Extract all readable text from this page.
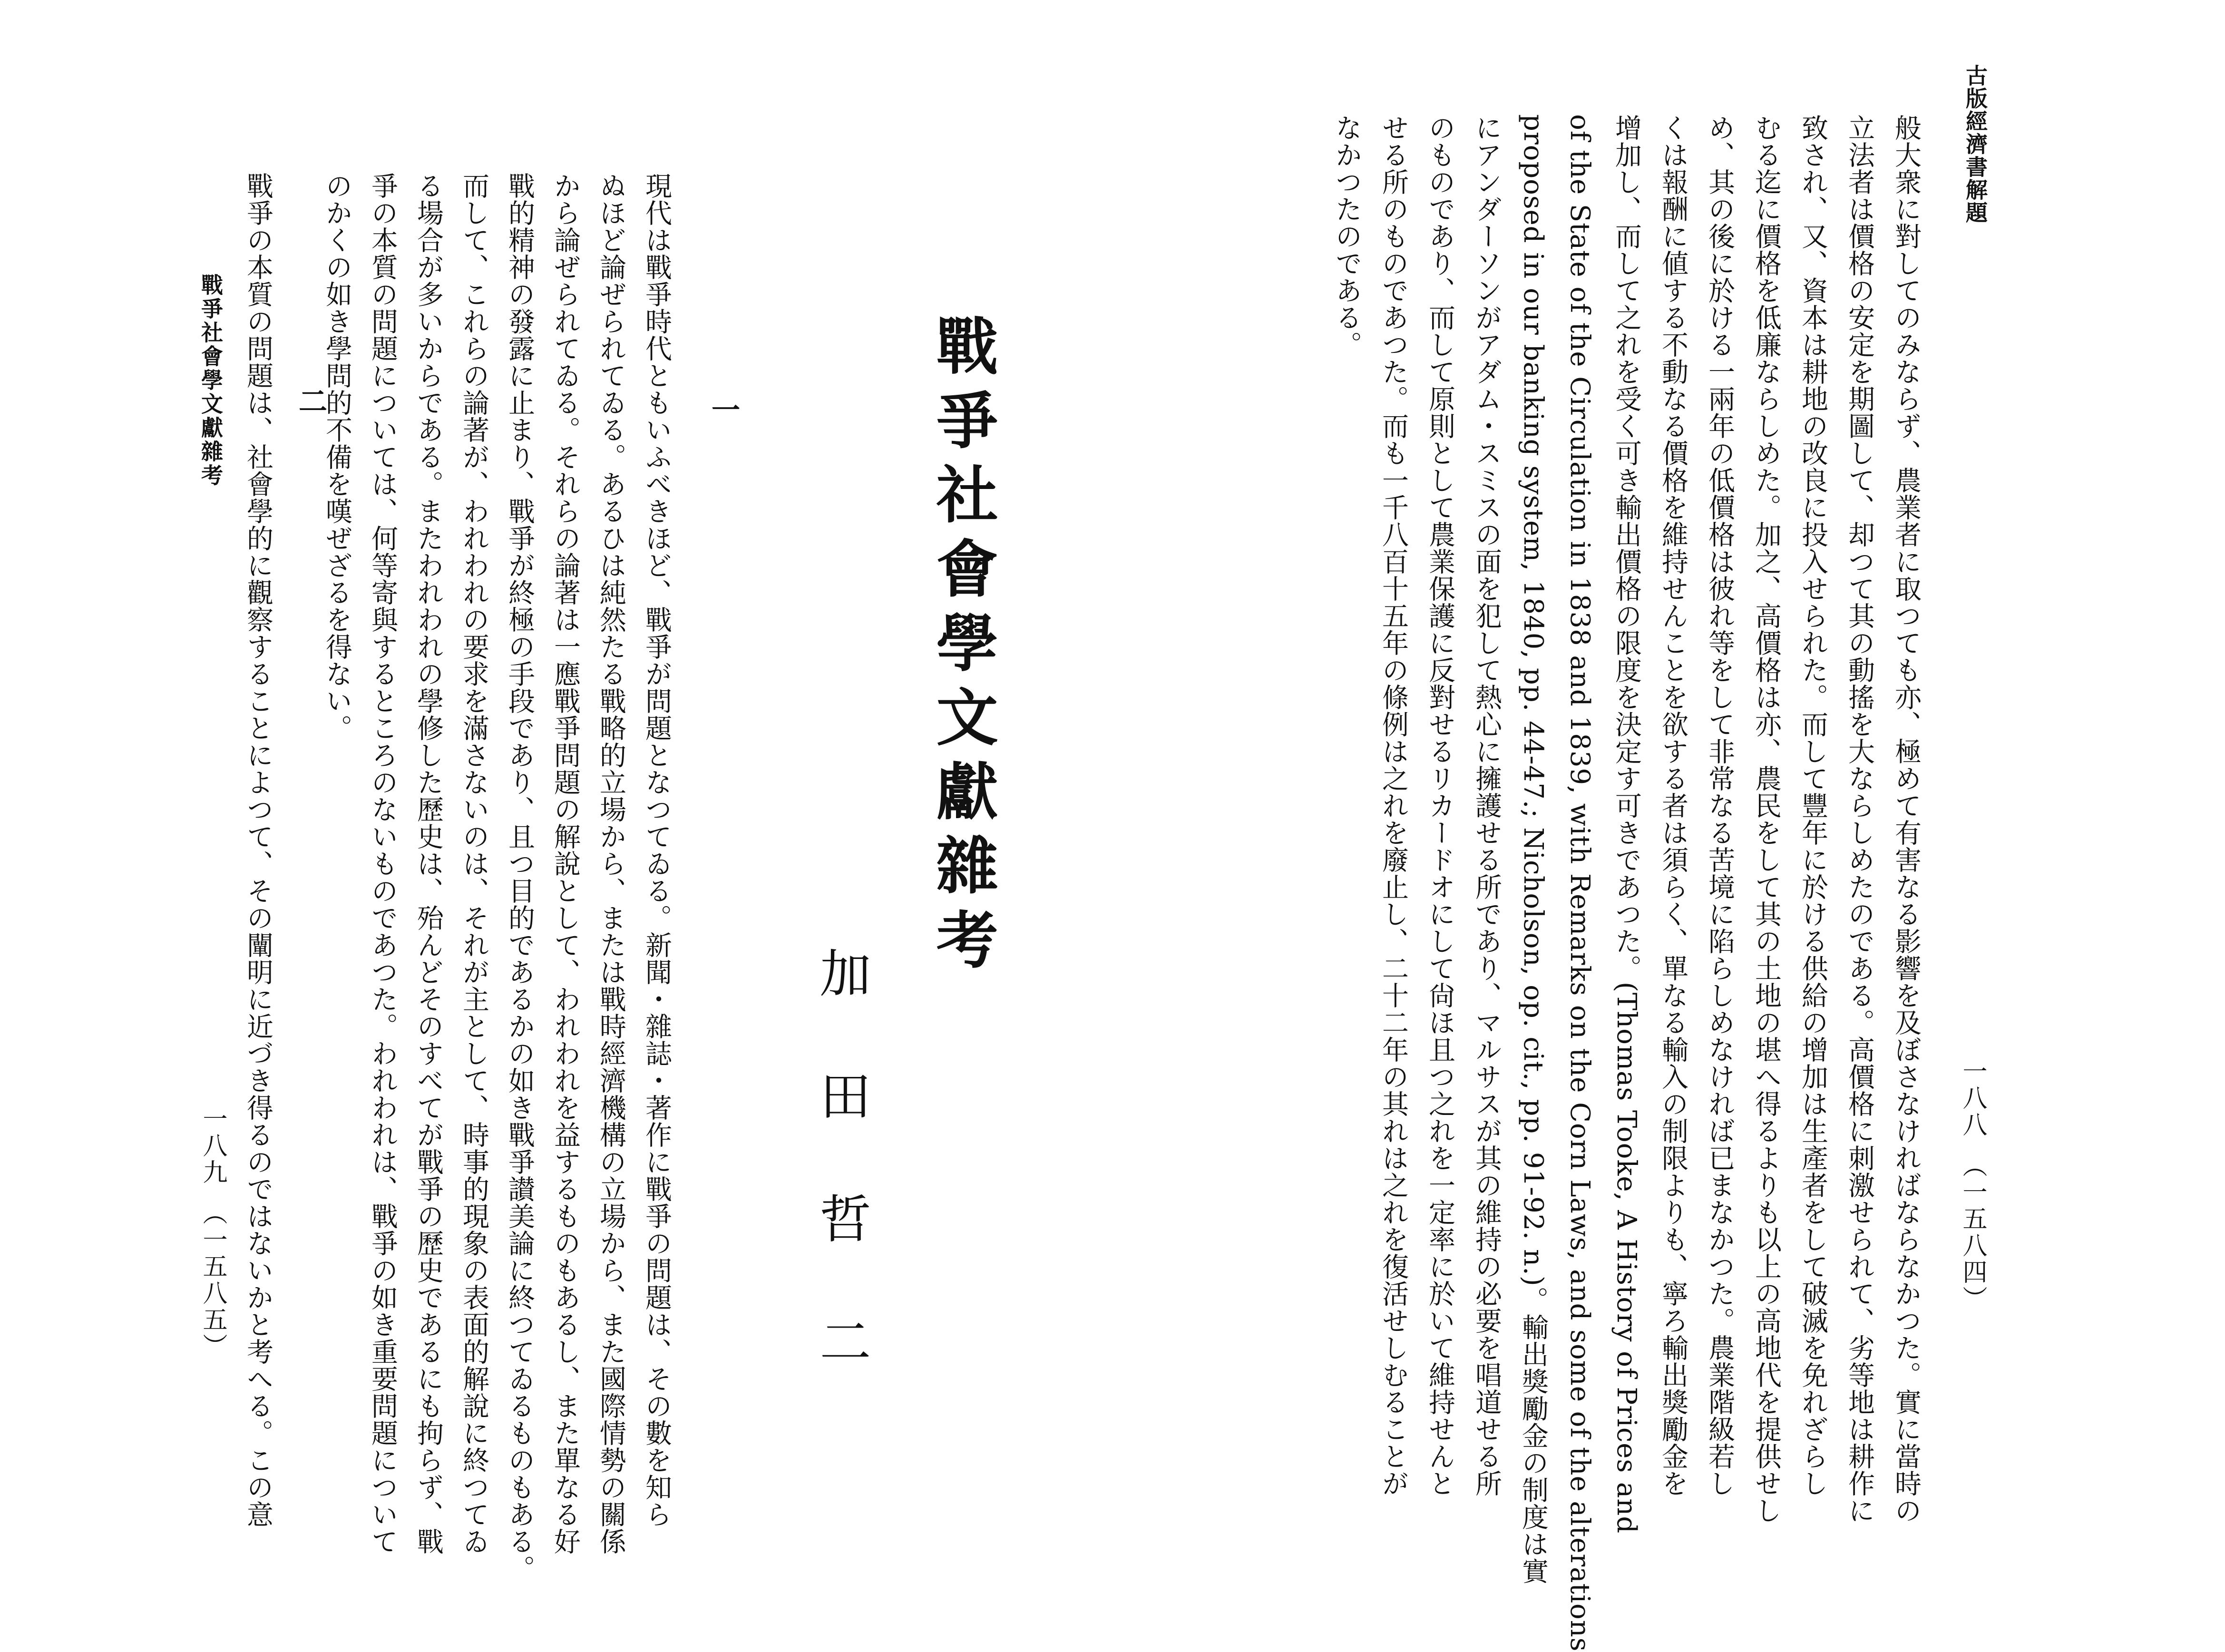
古版經濟書解題
一八八　（一五八四）
般大衆に對してのみならず、農業者に取つても亦、極めて有害なる影響を及ぼさなければならなかつた。實に當時の
立法者は價格の安定を期圖して、却つて其の動搖を大ならしめたのである。高價格に刺激せられて、劣等地は耕作に
致され、又、資本は耕地の改良に投入せられた。而して豐年に於ける供給の增加は生產者をして破滅を免れざらし
むる迄に價格を低廉ならしめた。加之、高價格は亦、農民をして其の土地の堪へ得るよりも以上の高地代を提供せし
め、其の後に於ける一兩年の低價格は彼れ等をして非常なる苦境に陷らしめなければ已まなかつた。農業階級若し
くは報酬に値する不動なる價格を維持せんことを欲する者は須らく、單なる輸入の制限よりも、寧ろ輸出獎勵金を
增加し、而して之れを受く可き輸出價格の限度を決定す可きであつた。(Thomas Tooke, A History of Prices and
of the State of the Circulation in 1838 and 1839, with Remarks on the Corn Laws, and some of the alterations
proposed in our banking system, 1840, pp. 44-47.; Nicholson, op. cit., pp. 91-92. n.)。輸出獎勵金の制度は實
にアンダーソンがアダム・スミスの面を犯して熱心に擁護せる所であり、マルサスが其の維持の必要を唱道せる所
のものであり、而して原則として農業保護に反對せるリカードオにして尙ほ且つ之れを一定率に於いて維持せんと
せる所のものであつた。而も一千八百十五年の條例は之れを廢止し、二十二年の其れは之れを復活せしむることが
なかつたのである。
戰爭社會學文獻雜考
加田哲二
一
現代は戰爭時代ともいふべきほど、戰爭が問題となつてゐる。新聞・雜誌・著作に戰爭の問題は、その數を知ら
ぬほど論ぜられてゐる。あるひは純然たる戰略的立場から、または戰時經濟機構の立場から、また國際情勢の關係
から論ぜられてゐる。それらの論著は一應戰爭問題の解說として、われわれを益するものもあるし、また單なる好
戰的精神の發露に止まり、戰爭が終極の手段であり、且つ目的であるかの如き戰爭讃美論に終つてゐるものもある。
而して、これらの論著が、われわれの要求を滿さないのは、それが主として、時事的現象の表面的解說に終つてゐ
る場合が多いからである。またわれわれの學修した歷史は、殆んどそのすべてが戰爭の歷史であるにも拘らず、戰
爭の本質の問題については、何等寄與するところのないものであつた。われわれは、戰爭の如き重要問題について
のかくの如き學問的不備を嘆ぜざるを得ない。
二
戰爭の本質の問題は、社會學的に觀察することによつて、その闡明に近づき得るのではないかと考へる。この意
戰爭社會學文獻雜考
一八九　（一五八五）
